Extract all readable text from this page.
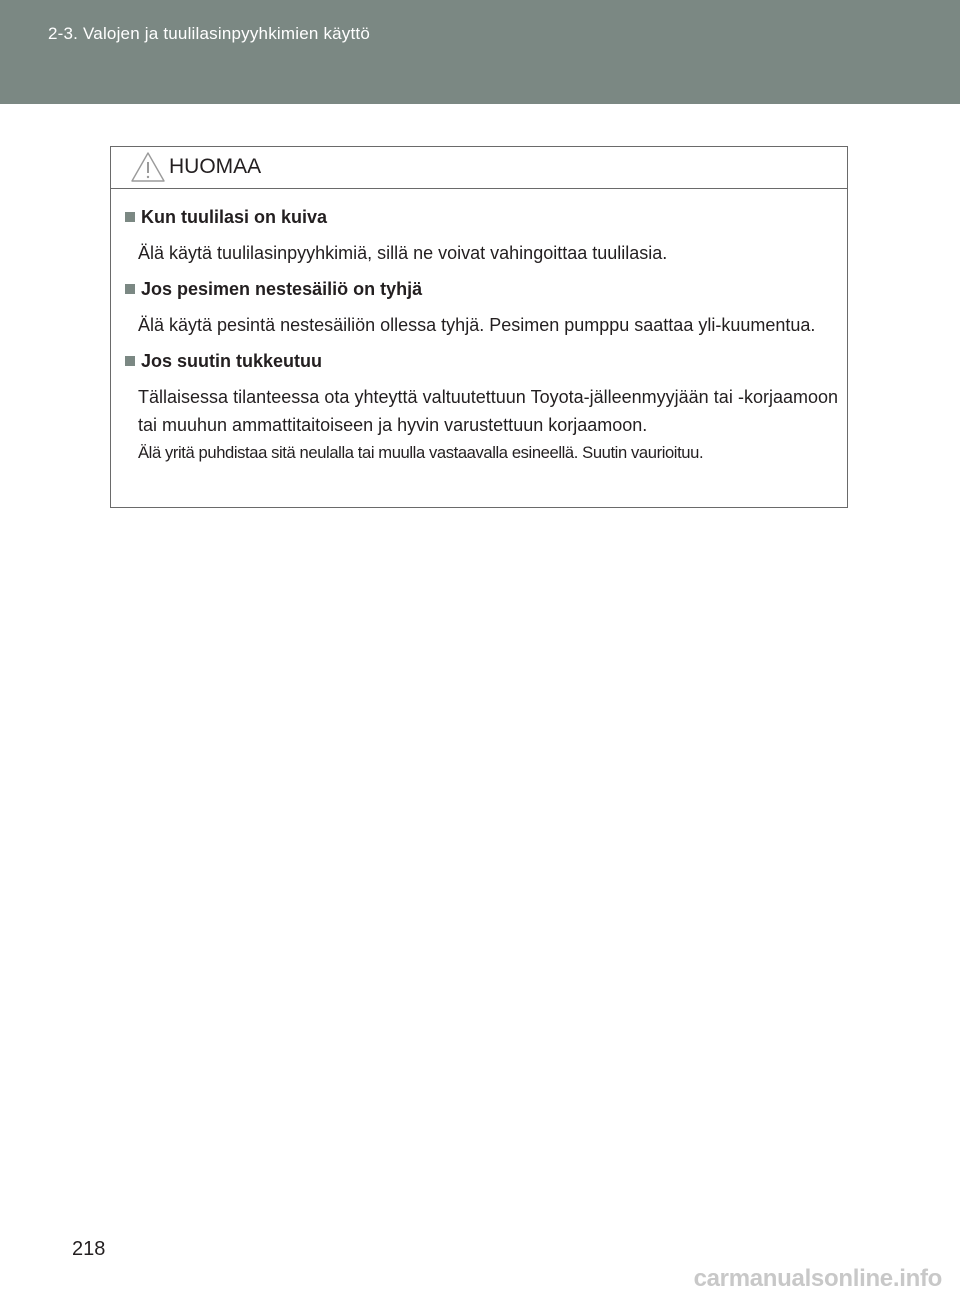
2-3. Valojen ja tuulilasinpyyhkimien käyttö
HUOMAA
Kun tuulilasi on kuiva
Älä käytä tuulilasinpyyhkimiä, sillä ne voivat vahingoittaa tuulilasia.
Jos pesimen nestesäiliö on tyhjä
Älä käytä pesintä nestesäiliön ollessa tyhjä. Pesimen pumppu saattaa yli-kuumentua.
Jos suutin tukkeutuu
Tällaisessa tilanteessa ota yhteyttä valtuutettuun Toyota-jälleenmyyjään tai -korjaamoon tai muuhun ammattitaitoiseen ja hyvin varustettuun korjaamoon.
Älä yritä puhdistaa sitä neulalla tai muulla vastaavalla esineellä. Suutin vaurioituu.
218
carmanualsonline.info
